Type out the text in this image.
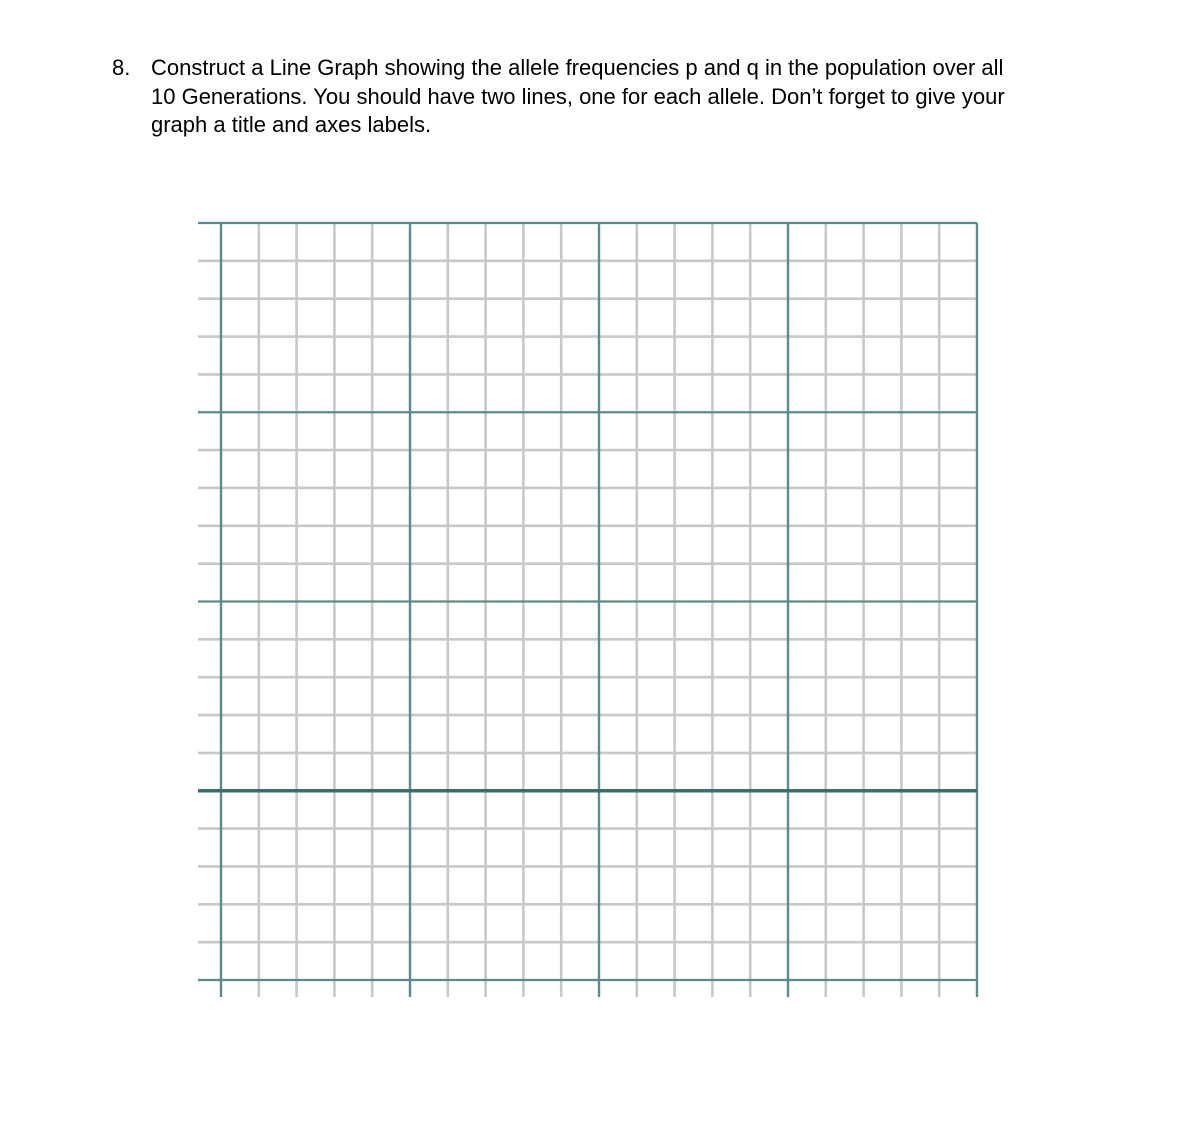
8. Construct a Line Graph showing the allele frequencies p and q in the population over all
10 Generations. You should have two lines, one for each allele. Don’t forget to give your
graph a title and axes labels.
